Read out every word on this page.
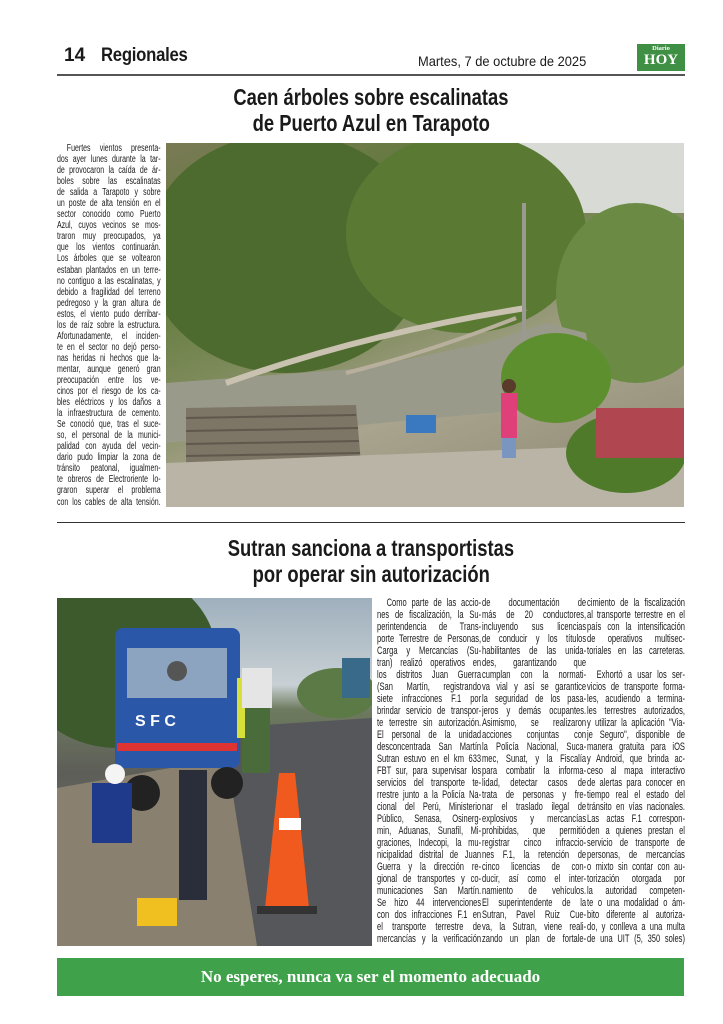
14 Regionales	Martes, 7 de octubre de 2025
Diario
HOY
Caen árboles sobre escalinatas
de Puerto Azul en Tarapoto
Fuertes vientos presenta-
dos ayer lunes durante la tar-
de provocaron la caída de ár-
boles sobre las escalinatas
de salida a Tarapoto y sobre
un poste de alta tensión en el
sector conocido como Puerto
Azul, cuyos vecinos se mos-
traron muy preocupados, ya
que los vientos continuarán.
Los árboles que se voltearon
estaban plantados en un terre-
no contiguo a las escalinatas, y
debido a fragilidad del terreno
pedregoso y la gran altura de
estos, el viento pudo derribar-
los de raíz sobre la estructura.
Afortunadamente, el inciden-
te en el sector no dejó perso-
nas heridas ni hechos que la-
mentar, aunque generó gran
preocupación entre los ve-
cinos por el riesgo de los ca-
bles eléctricos y los daños a
la infraestructura de cemento.
Se conoció que, tras el suce-
so, el personal de la munici-
palidad con ayuda del vecin-
dario pudo limpiar la zona de
tránsito peatonal, igualmen-
te obreros de Electroriente lo-
graron superar el problema
con los cables de alta tensión.
Sutran sanciona a transportistas
por operar sin autorización
S F C
Como parte de las accio-
nes de fiscalización, la Su-
perintendencia de Trans-
porte Terrestre de Personas,
Carga y Mercancías (Su-
tran) realizó operativos en
los distritos Juan Guerra
(San Martín, registrando
siete infracciones F.1 por
brindar servicio de transpor-
te terrestre sin autorización.
El personal de la unidad
desconcentrada San Martín
Sutran estuvo en el km 633
FBT sur, para supervisar los
servicios del transporte te-
rrestre junto a la Policía Na-
cional del Perú, Ministerio
Público, Senasa, Osinerg-
min, Aduanas, Sunafil, Mi-
graciones, Indecopi, la mu-
nicipalidad distrital de Juan
Guerra y la dirección re-
gional de transportes y co-
municaciones San Martín.
Se hizo 44 intervenciones
con dos infracciones F.1 en
el transporte terrestre de
mercancías y la verificación
de documentación de
más de 20 conductores,
incluyendo sus licencias
de conducir y los títulos
habilitantes de las unida-
des, garantizando que
cumplan con la normati-
va vial y así se garantice
la seguridad de los pasa-
jeros y demás ocupantes.
Asimismo, se realizaron
acciones conjuntas con
la Policía Nacional, Suca-
mec, Sunat, y la Fiscalía
para combatir la informa-
lidad, detectar casos de
trata de personas y fre-
nar el traslado ilegal de
explosivos y mercancías
prohibidas, que permitió
registrar cinco infraccio-
nes F.1, la retención de
cinco licencias de con-
ducir, así como el inter-
namiento de vehículos.
El superintendente de la
Sutran, Pavel Ruiz Cue-
va, la Sutran, viene reali-
zando un plan de fortale-
cimiento de la fiscalización
al transporte terrestre en el
país con la intensificación
de operativos multisec-
toriales en las carreteras.

Exhortó a usar los ser-
vicios de transporte forma-
les, acudiendo a termina-
les terrestres autorizados,
y utilizar la aplicación "Via-
je Seguro", disponible de
manera gratuita para iOS
y Android, que brinda ac-
ceso al mapa interactivo
de alertas para conocer en
tiempo real el estado del
tránsito en vías nacionales.
Las actas F.1 correspon-
den a quienes prestan el
servicio de transporte de
personas, de mercancías
o mixto sin contar con au-
torización otorgada por
la autoridad competen-
te o una modalidad o ám-
bito diferente al autoriza-
do, y conlleva a una multa
de una UIT (5, 350 soles)
No esperes, nunca va ser el momento adecuado
